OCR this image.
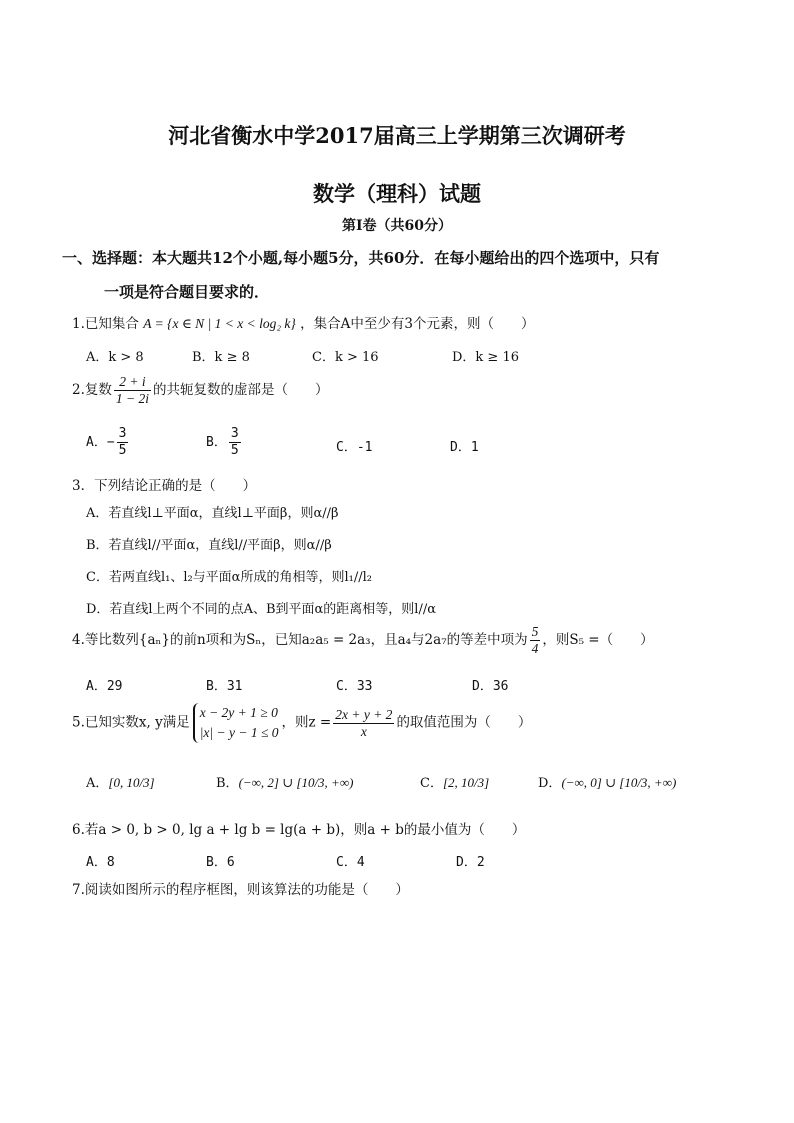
河北省衡水中学2017届高三上学期第三次调研考
数学（理科）试题
第Ⅰ卷（共60分）
一、选择题：本大题共12个小题,每小题5分，共60分．在每小题给出的四个选项中，只有
一项是符合题目要求的．
1.已知集合 A = {x ∈ N | 1 < x < log₂ k} ，集合A中至少有3个元素，则（　　）
A．k > 8	B．k ≥ 8	C．k > 16	D．k ≥ 16
2.复数 $\frac{2 + i}{1 - 2i}$ 的共轭复数的虚部是（　　）
A．− $\frac{3}{5}$	B． $\frac{3}{5}$	C．-1	D．1
3．下列结论正确的是（　　）
A．若直线l⊥平面α，直线l⊥平面β，则α//β
B．若直线l//平面α，直线l//平面β，则α//β
C．若两直线l₁、l₂与平面α所成的角相等，则l₁//l₂
D．若直线l上两个不同的点A、B到平面α的距离相等，则l//α
4.等比数列{aₙ}的前n项和为Sₙ，已知a₂a₅ = 2a₃，且a₄与2a₇的等差中项为 $\frac{5}{4}$ ，则S₅ =（　　）
A．29	B．31	C．33	D．36
5.已知实数x, y满足
x − 2y + 1 ≥ 0
|x| − y − 1 ≤ 0
，则$z = \frac{2x + y + 2}{x}$ 的取值范围为（　　）
A．[0, 10/3]	B．(−∞, 2] ∪ [10/3, +∞)	C．[2, 10/3]	D．(−∞, 0] ∪ [10/3, +∞)
6.若a > 0, b > 0, lg a + lg b = lg(a + b)，则a + b的最小值为（　　）
A．8	B．6	C．4	D．2
7.阅读如图所示的程序框图，则该算法的功能是（　　）
